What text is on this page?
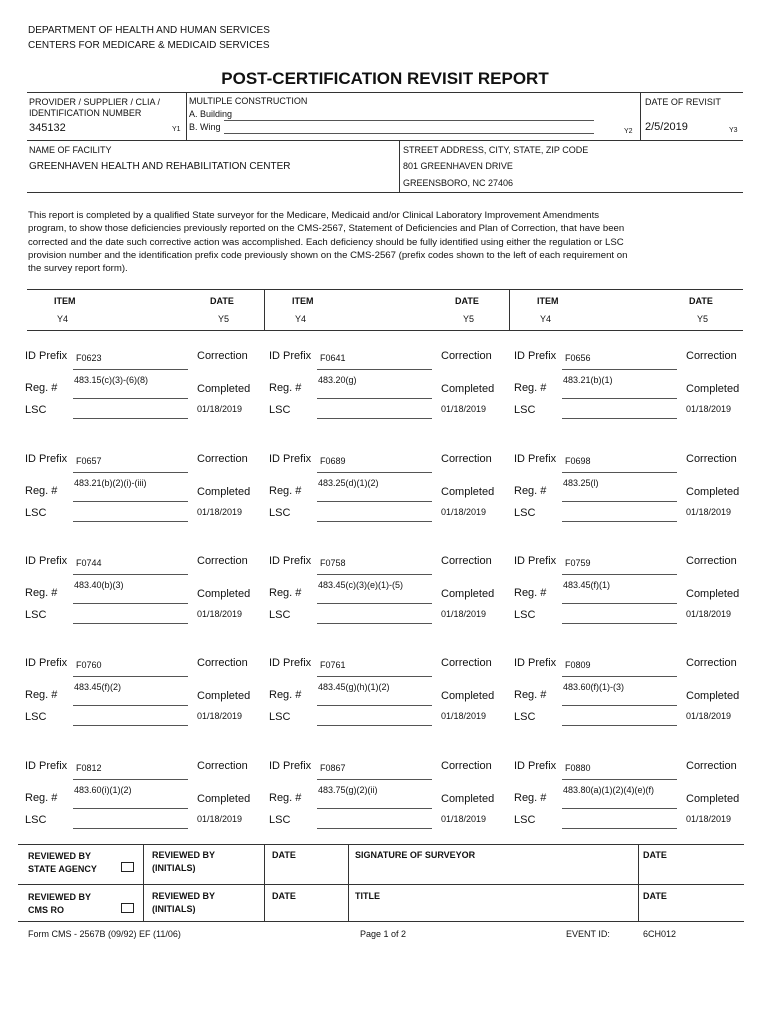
DEPARTMENT OF HEALTH AND HUMAN SERVICES
CENTERS FOR MEDICARE & MEDICAID SERVICES
POST-CERTIFICATION REVISIT REPORT
PROVIDER / SUPPLIER / CLIA /
IDENTIFICATION NUMBER
345132	Y1
MULTIPLE CONSTRUCTION
A. Building
B. Wing	Y2
DATE OF REVISIT
2/5/2019	Y3
NAME OF FACILITY
GREENHAVEN HEALTH AND REHABILITATION CENTER
STREET ADDRESS, CITY, STATE, ZIP CODE
801 GREENHAVEN DRIVE
GREENSBORO, NC 27406
This report is completed by a qualified State surveyor for the Medicare, Medicaid and/or Clinical Laboratory Improvement Amendments
program, to show those deficiencies previously reported on the CMS-2567, Statement of Deficiencies and Plan of Correction, that have been
corrected and the date such corrective action was accomplished. Each deficiency should be fully identified using either the regulation or LSC
provision number and the identification prefix code previously shown on the CMS-2567 (prefix codes shown to the left of each requirement on
the survey report form).
ITEM	DATE
Y4	Y5
ITEM	DATE
Y4	Y5
ITEM	DATE
Y4	Y5
ID Prefix F0623	Correction
483.15(c)(3)-(6)(8)
Reg. #	Completed
LSC	01/18/2019
ID Prefix F0641	Correction
483.20(g)
Reg. #	Completed
LSC	01/18/2019
ID Prefix F0656	Correction
483.21(b)(1)
Reg. #	Completed
LSC	01/18/2019
ID Prefix F0657	Correction
483.21(b)(2)(i)-(iii)
Reg. #	Completed
LSC	01/18/2019
ID Prefix F0689	Correction
483.25(d)(1)(2)
Reg. #	Completed
LSC	01/18/2019
ID Prefix F0698	Correction
483.25(l)
Reg. #	Completed
LSC	01/18/2019
ID Prefix F0744	Correction
483.40(b)(3)
Reg. #	Completed
LSC	01/18/2019
ID Prefix F0758	Correction
483.45(c)(3)(e)(1)-(5)
Reg. #	Completed
LSC	01/18/2019
ID Prefix F0759	Correction
483.45(f)(1)
Reg. #	Completed
LSC	01/18/2019
ID Prefix F0760	Correction
483.45(f)(2)
Reg. #	Completed
LSC	01/18/2019
ID Prefix F0761	Correction
483.45(g)(h)(1)(2)
Reg. #	Completed
LSC	01/18/2019
ID Prefix F0809	Correction
483.60(f)(1)-(3)
Reg. #	Completed
LSC	01/18/2019
ID Prefix F0812	Correction
483.60(i)(1)(2)
Reg. #	Completed
LSC	01/18/2019
ID Prefix F0867	Correction
483.75(g)(2)(ii)
Reg. #	Completed
LSC	01/18/2019
ID Prefix F0880	Correction
483.80(a)(1)(2)(4)(e)(f)
Reg. #	Completed
LSC	01/18/2019
REVIEWED BY
STATE AGENCY
REVIEWED BY
(INITIALS)
DATE	SIGNATURE OF SURVEYOR	DATE
REVIEWED BY
CMS RO
REVIEWED BY
(INITIALS)
DATE	TITLE	DATE
Form CMS - 2567B (09/92) EF (11/06)	Page 1 of 2	EVENT ID:	6CH012
